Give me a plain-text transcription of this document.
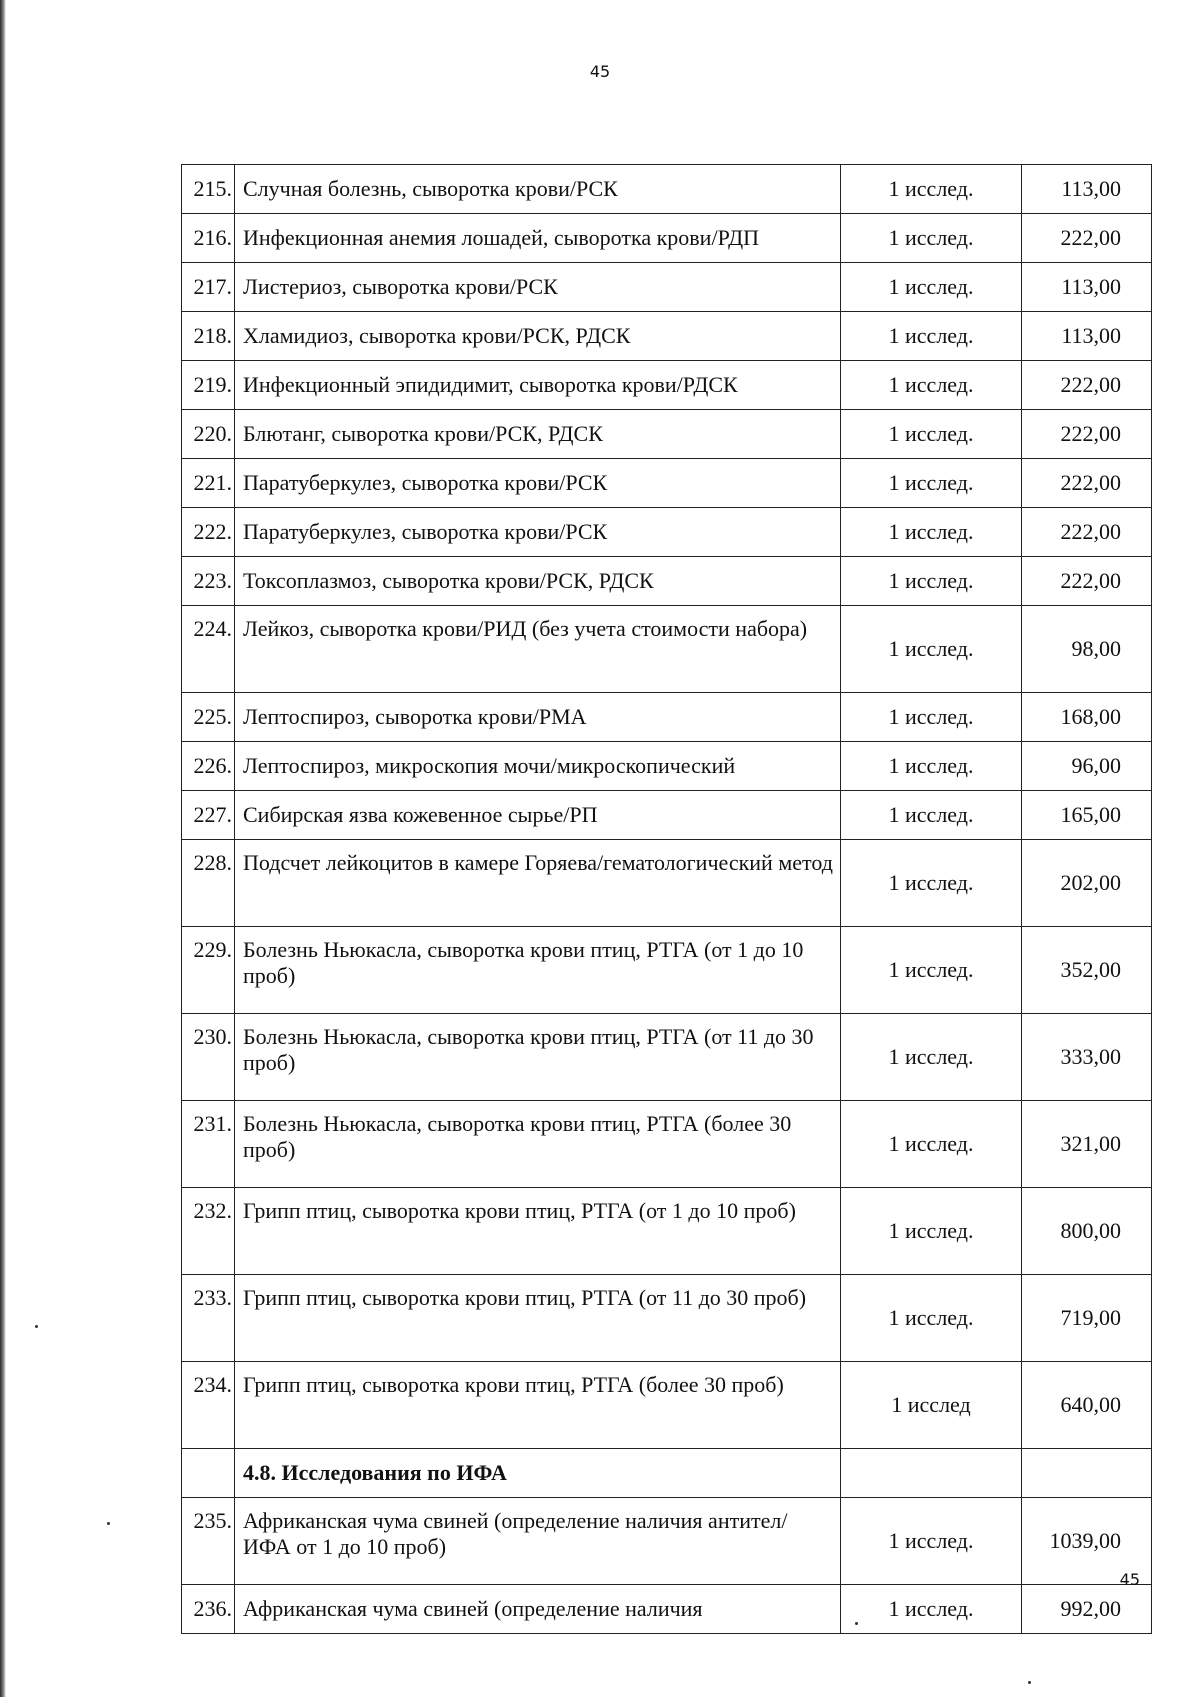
45
215.	Случная болезнь, сыворотка крови/РСК	1 исслед.	113,00
216.	Инфекционная анемия лошадей, сыворотка крови/РДП	1 исслед.	222,00
217.	Листериоз, сыворотка крови/РСК	1 исслед.	113,00
218.	Хламидиоз, сыворотка крови/РСК, РДСК	1 исслед.	113,00
219.	Инфекционный эпидидимит, сыворотка крови/РДСК	1 исслед.	222,00
220.	Блютанг, сыворотка крови/РСК, РДСК	1 исслед.	222,00
221.	Паратуберкулез, сыворотка крови/РСК	1 исслед.	222,00
222.	Паратуберкулез, сыворотка крови/РСК	1 исслед.	222,00
223.	Токсоплазмоз, сыворотка крови/РСК, РДСК	1 исслед.	222,00
224.	Лейкоз, сыворотка крови/РИД (без учета стоимости набора)	1 исслед.	98,00
225.	Лептоспироз, сыворотка крови/РМА	1 исслед.	168,00
226.	Лептоспироз, микроскопия мочи/микроскопический	1 исслед.	96,00
227.	Сибирская язва кожевенное сырье/РП	1 исслед.	165,00
228.	Подсчет лейкоцитов в камере Горяева/гематологический метод	1 исслед.	202,00
229.	Болезнь Ньюкасла, сыворотка крови птиц, РТГА (от 1 до 10 проб)	1 исслед.	352,00
230.	Болезнь Ньюкасла, сыворотка крови птиц, РТГА (от 11 до 30 проб)	1 исслед.	333,00
231.	Болезнь Ньюкасла, сыворотка крови птиц, РТГА (более 30 проб)	1 исслед.	321,00
232.	Грипп птиц, сыворотка крови птиц, РТГА (от 1 до 10 проб)	1 исслед.	800,00
233.	Грипп птиц, сыворотка крови птиц, РТГА (от 11 до 30 проб)	1 исслед.	719,00
234.	Грипп птиц, сыворотка крови птиц, РТГА (более 30 проб)	1 исслед	640,00
	4.8. Исследования по ИФА		
235.	Африканская чума свиней (определение наличия антител/ИФА от 1 до 10 проб)	1 исслед.	1039,00
236.	Африканская чума свиней (определение наличия	1 исслед.	992,00
45
